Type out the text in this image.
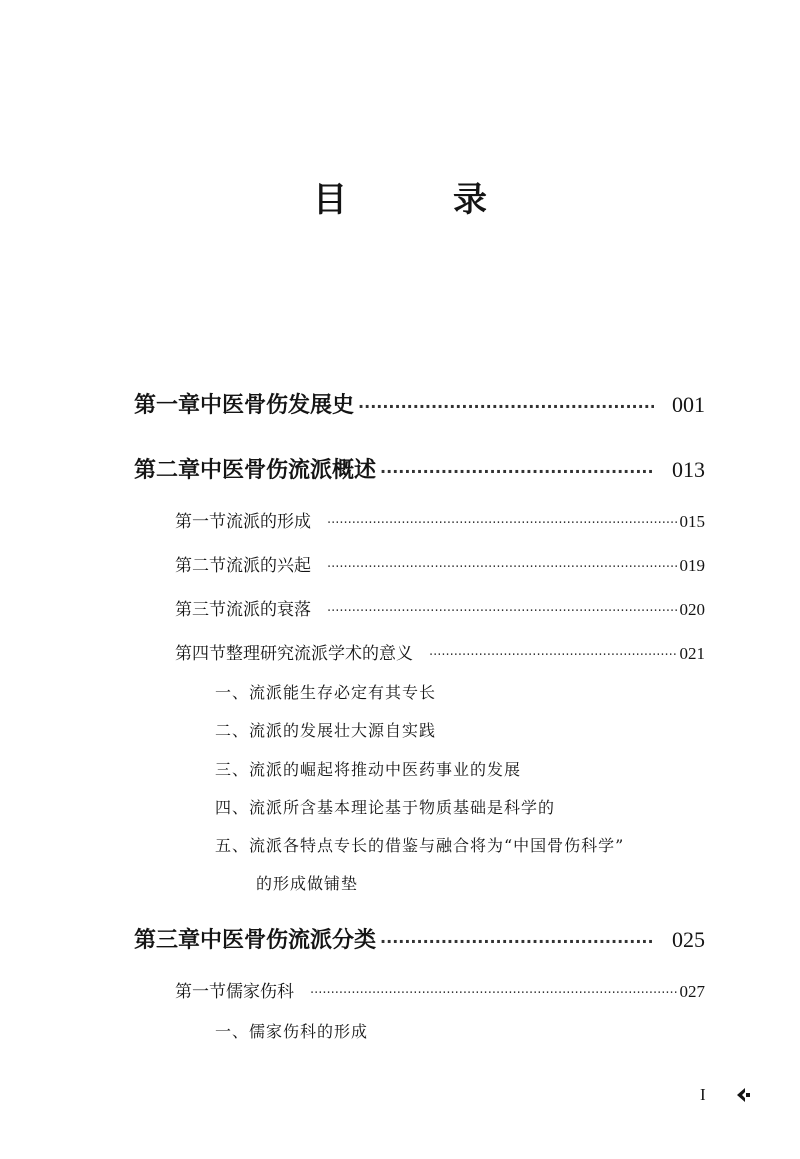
目　录
第一章 中医骨伤发展史 ·····	001
第二章 中医骨伤流派概述 ·····	013
第一节 流派的形成 ·····	015
第二节 流派的兴起 ·····	019
第三节 流派的衰落 ·····	020
第四节 整理研究流派学术的意义 ·····	021
一、流派能生存必定有其专长
二、流派的发展壮大源自实践
三、流派的崛起将推动中医药事业的发展
四、流派所含基本理论基于物质基础是科学的
五、流派各特点专长的借鉴与融合将为“中国骨伤科学”
的形成做铺垫
第三章 中医骨伤流派分类 ·····	025
第一节 儒家伤科 ·····	027
一、儒家伤科的形成
I
